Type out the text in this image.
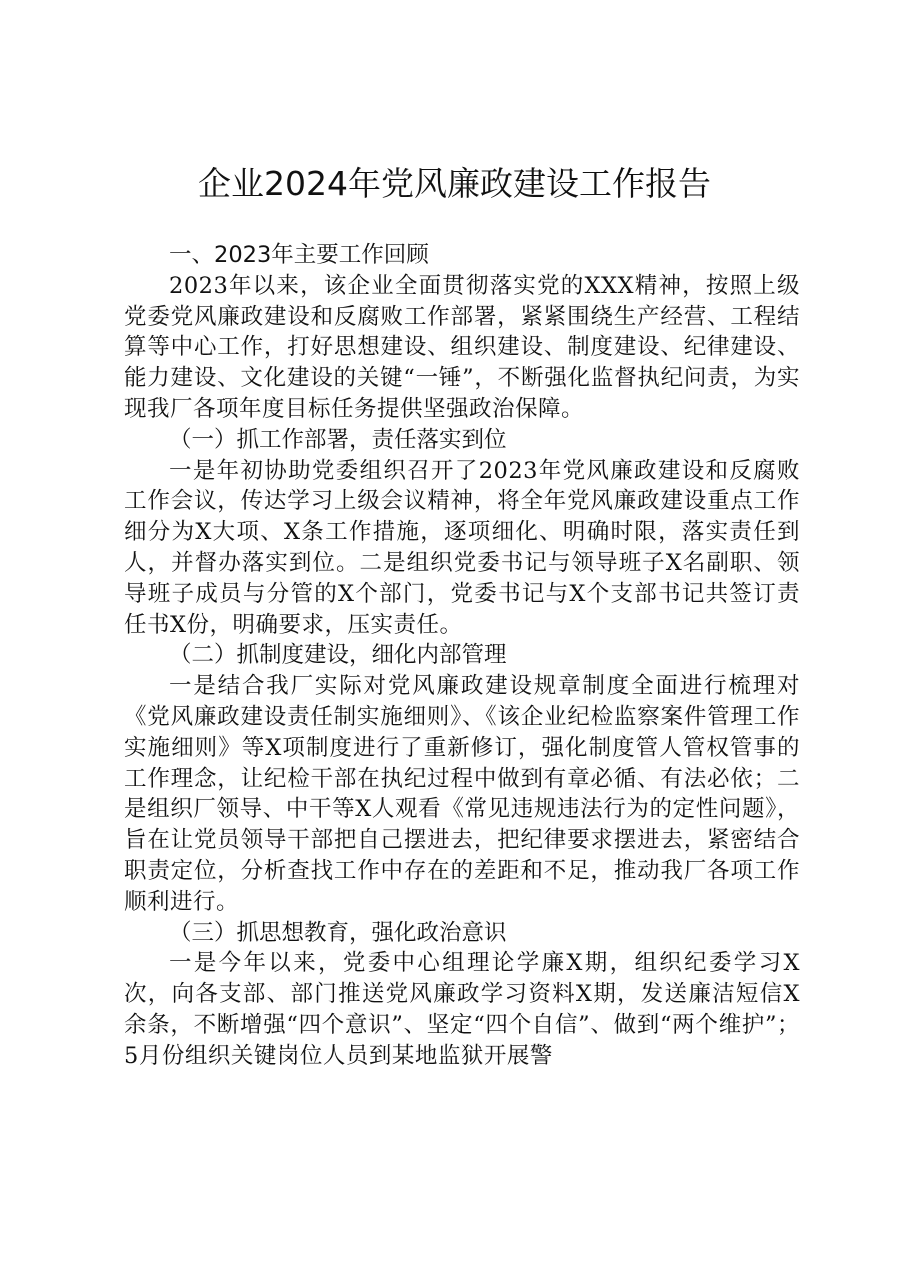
企业2024年党风廉政建设工作报告

一、2023年主要工作回顾

2023年以来，该企业全面贯彻落实党的XXX精神，按照上级党委党风廉政建设和反腐败工作部署，紧紧围绕生产经营、工程结算等中心工作，打好思想建设、组织建设、制度建设、纪律建设、能力建设、文化建设的关键“一锤”，不断强化监督执纪问责，为实现我厂各项年度目标任务提供坚强政治保障。

（一）抓工作部署，责任落实到位

一是年初协助党委组织召开了2023年党风廉政建设和反腐败工作会议，传达学习上级会议精神，将全年党风廉政建设重点工作细分为X大项、X条工作措施，逐项细化、明确时限，落实责任到人，并督办落实到位。二是组织党委书记与领导班子X名副职、领导班子成员与分管的X个部门，党委书记与X个支部书记共签订责任书X份，明确要求，压实责任。

（二）抓制度建设，细化内部管理

一是结合我厂实际对党风廉政建设规章制度全面进行梳理对《党风廉政建设责任制实施细则》、《该企业纪检监察案件管理工作实施细则》等X项制度进行了重新修订，强化制度管人管权管事的工作理念，让纪检干部在执纪过程中做到有章必循、有法必依；二是组织厂领导、中干等X人观看《常见违规违法行为的定性问题》，旨在让党员领导干部把自己摆进去，把纪律要求摆进去，紧密结合职责定位，分析查找工作中存在的差距和不足，推动我厂各项工作顺利进行。

（三）抓思想教育，强化政治意识

一是今年以来，党委中心组理论学廉X期，组织纪委学习X次，向各支部、部门推送党风廉政学习资料X期，发送廉洁短信X余条，不断增强“四个意识”、坚定“四个自信”、做到“两个维护”；5月份组织关键岗位人员到某地监狱开展警
